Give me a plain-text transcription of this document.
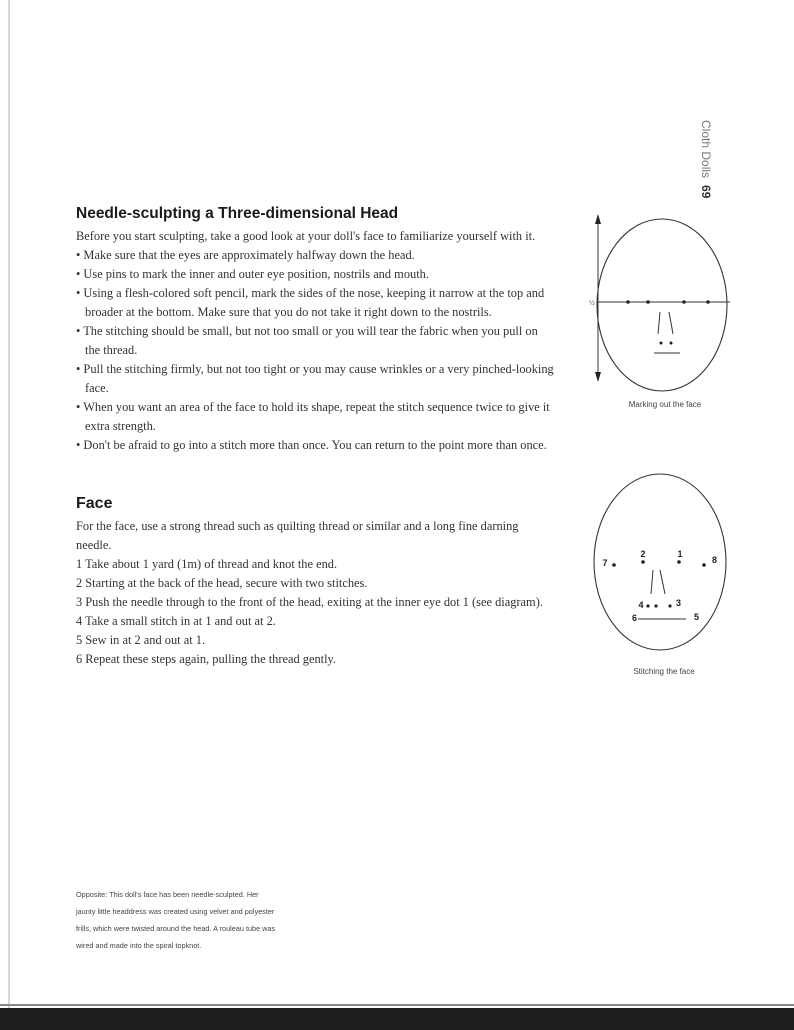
Cloth Dolls69
Needle-sculpting a Three-dimensional Head

Before you start sculpting, take a good look at your doll's face to familiarize yourself with it.

• Make sure that the eyes are approximately halfway down the head.

• Use pins to mark the inner and outer eye position, nostrils and mouth.

• Using a flesh-colored soft pencil, mark the sides of the nose, keeping it narrow at the top and broader at the bottom. Make sure that you do not take it right down to the nostrils.

• The stitching should be small, but not too small or you will tear the fabric when you pull on the thread.

• Pull the stitching firmly, but not too tight or you may cause wrinkles or a very pinched-looking face.

• When you want an area of the face to hold its shape, repeat the stitch sequence twice to give it extra strength.

• Don't be afraid to go into a stitch more than once. You can return to the point more than once.

Face

For the face, use a strong thread such as quilting thread or similar and a long fine darning needle.

1 Take about 1 yard (1m) of thread and knot the end.

2 Starting at the back of the head, secure with two stitches.

3 Push the needle through to the front of the head, exiting at the inner eye dot 1 (see diagram).

4 Take a small stitch in at 1 and out at 2.

5 Sew in at 2 and out at 1.

6 Repeat these steps again, pulling the thread gently.

½
Marking out the face
1
2
3
4
5
6
7	8
Stitching the face
Opposite: This doll's face has been needle-sculpted. Her jaunty little headdress was created using velvet and polyester frills, which were twisted around the head. A rouleau tube was wired and made into the spiral topknot.
